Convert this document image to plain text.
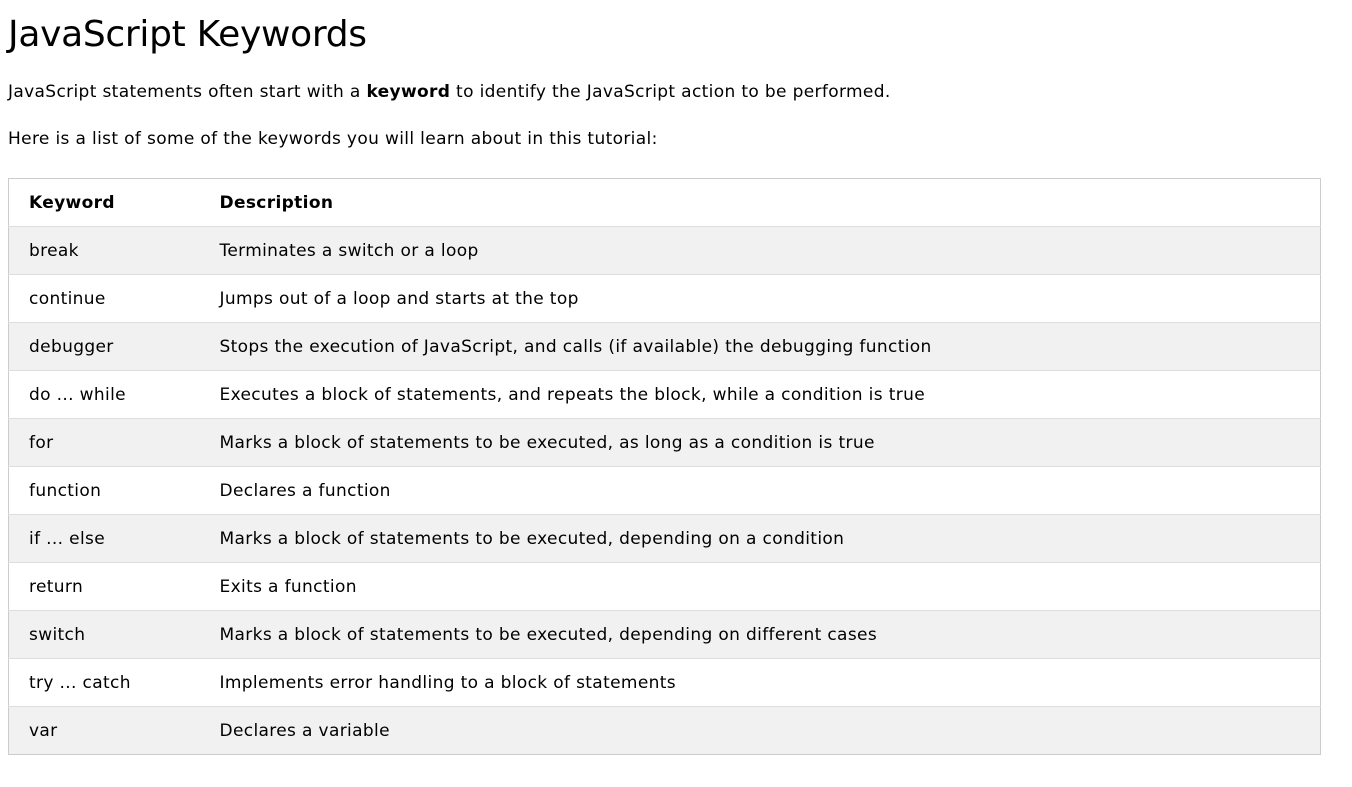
JavaScript Keywords

JavaScript statements often start with a keyword to identify the JavaScript action to be performed.

Here is a list of some of the keywords you will learn about in this tutorial:

Keyword	Description
break	Terminates a switch or a loop
continue	Jumps out of a loop and starts at the top
debugger	Stops the execution of JavaScript, and calls (if available) the debugging function
do ... while	Executes a block of statements, and repeats the block, while a condition is true
for	Marks a block of statements to be executed, as long as a condition is true
function	Declares a function
if ... else	Marks a block of statements to be executed, depending on a condition
return	Exits a function
switch	Marks a block of statements to be executed, depending on different cases
try ... catch	Implements error handling to a block of statements
var	Declares a variable
